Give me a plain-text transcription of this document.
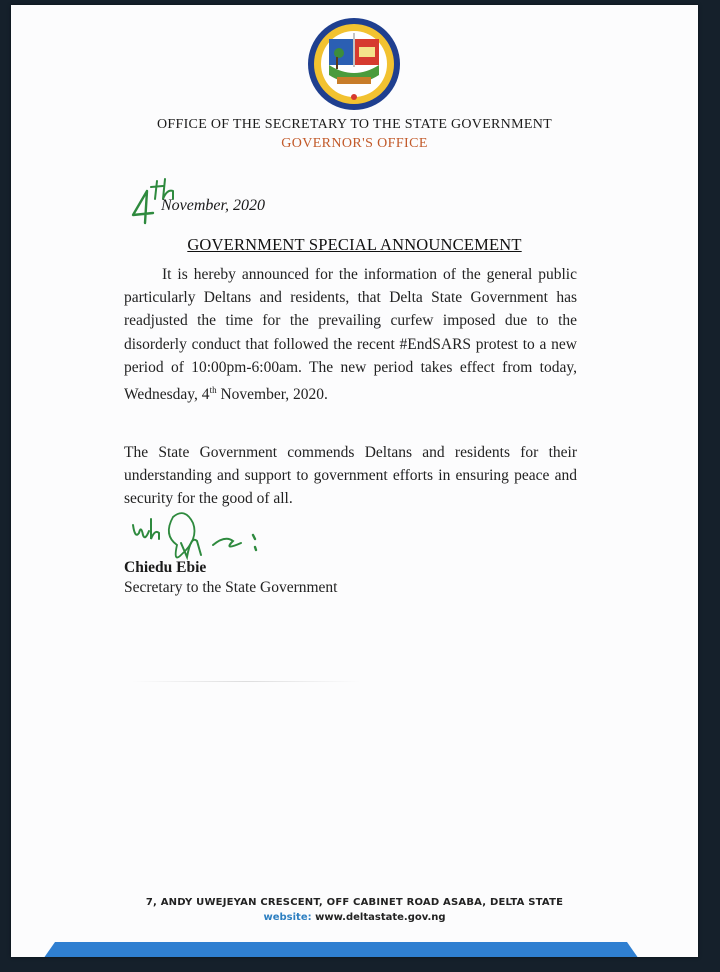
OFFICE OF THE SECRETARY TO THE STATE GOVERNMENT
GOVERNOR'S OFFICE
November, 2020
GOVERNMENT SPECIAL ANNOUNCEMENT
It is hereby announced for the information of the general public particularly Deltans and residents, that Delta State Government has readjusted the time for the prevailing curfew imposed due to the disorderly conduct that followed the recent #EndSARS protest to a new period of 10:00pm-6:00am. The new period takes effect from today, Wednesday, 4th November, 2020.
The State Government commends Deltans and residents for their understanding and support to government efforts in ensuring peace and security for the good of all.
Chiedu Ebie
Secretary to the State Government
7, ANDY UWEJEYAN CRESCENT, OFF CABINET ROAD ASABA, DELTA STATE
website: www.deltastate.gov.ng
